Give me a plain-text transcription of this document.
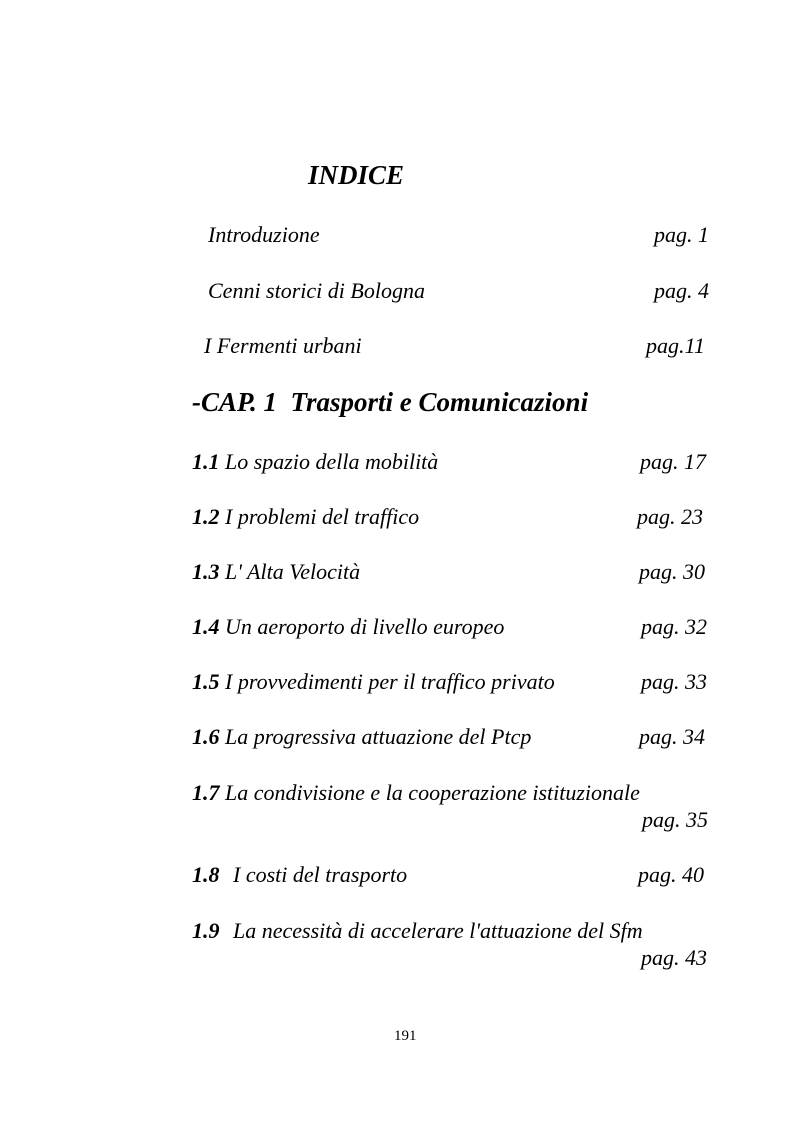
INDICE
Introduzione	pag. 1
Cenni storici di Bologna	pag. 4
I Fermenti urbani	pag.11
-CAP. 1  Trasporti e Comunicazioni
1.1 Lo spazio della mobilità	pag. 17
1.2 I problemi del traffico	pag. 23
1.3 L' Alta Velocità	pag. 30
1.4 Un aeroporto di livello europeo	pag. 32
1.5 I provvedimenti per il traffico privato	pag. 33
1.6 La progressiva attuazione del Ptcp	pag. 34
1.7 La condivisione e la cooperazione istituzionale
pag. 35
1.8 I costi del trasporto	pag. 40
1.9 La necessità di accelerare l'attuazione del Sfm
pag. 43
191
